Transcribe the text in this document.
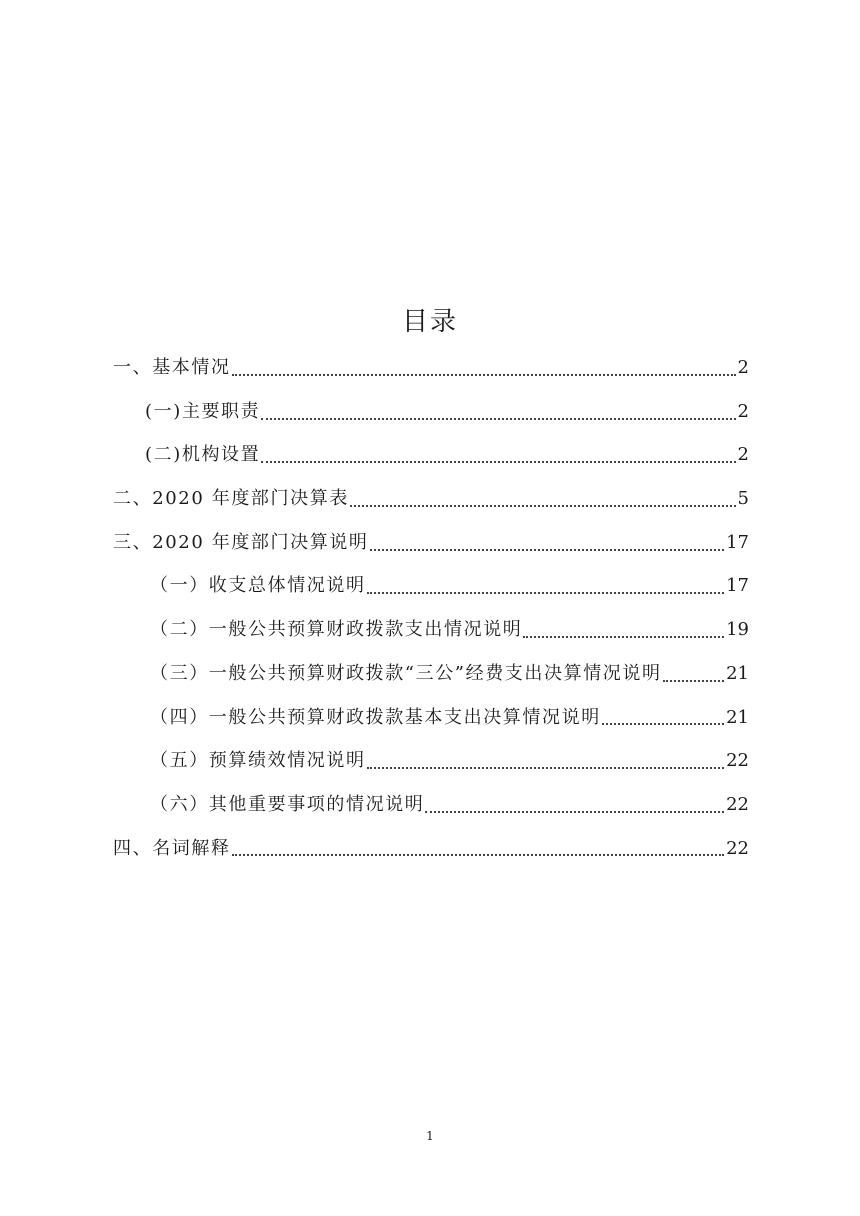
目录
一、基本情况	2
(一)主要职责	2
(二)机构设置	2
二、2020 年度部门决算表	5
三、2020 年度部门决算说明	17
（一）收支总体情况说明	17
（二）一般公共预算财政拨款支出情况说明	19
（三）一般公共预算财政拨款“三公”经费支出决算情况说明	21
（四）一般公共预算财政拨款基本支出决算情况说明	21
（五）预算绩效情况说明	22
（六）其他重要事项的情况说明	22
四、名词解释	22
1
